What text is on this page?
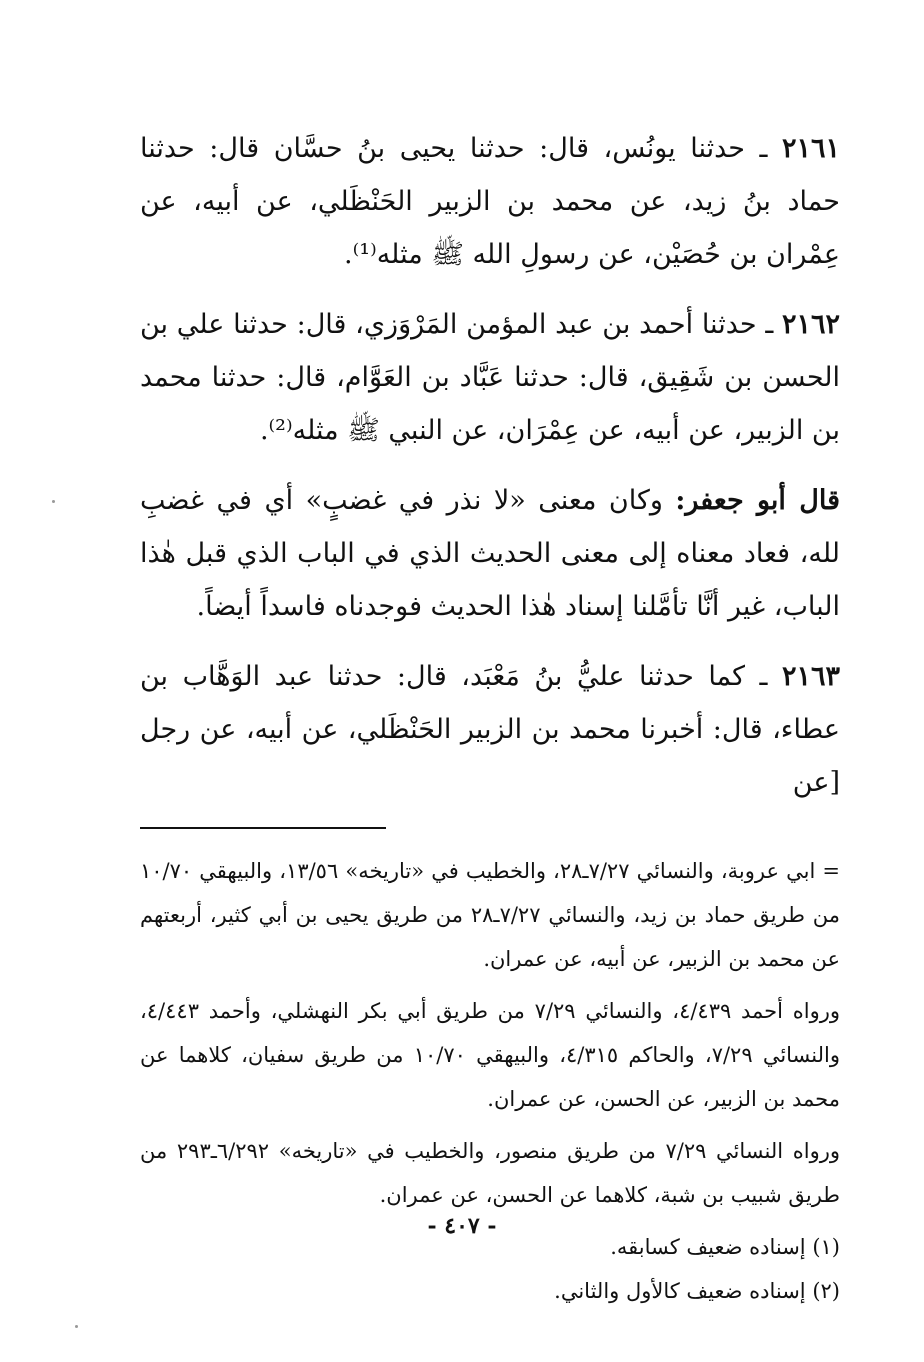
٢١٦١ ـ حدثنا يونُس، قال: حدثنا يحيى بنُ حسَّان قال: حدثنا حماد بنُ زيد، عن محمد بن الزبير الحَنْظَلي، عن أبيه، عن عِمْران بن حُصَيْن، عن رسولِ الله ﷺ مثله⁽¹⁾.

٢١٦٢ ـ حدثنا أحمد بن عبد المؤمن المَرْوَزي، قال: حدثنا علي بن الحسن بن شَقِيق، قال: حدثنا عَبَّاد بن العَوَّام، قال: حدثنا محمد بن الزبير، عن أبيه، عن عِمْرَان، عن النبي ﷺ مثله⁽²⁾.

قال أبو جعفر: وكان معنى «لا نذر في غضبٍ» أي في غضبِ لله، فعاد معناه إلى معنى الحديث الذي في الباب الذي قبل هٰذا الباب، غير أنَّا تأمَّلنا إسناد هٰذا الحديث فوجدناه فاسداً أيضاً.

٢١٦٣ ـ كما حدثنا عليُّ بنُ مَعْبَد، قال: حدثنا عبد الوَهَّاب بن عطاء، قال: أخبرنا محمد بن الزبير الحَنْظَلي، عن أبيه، عن رجل [عن

= ابي عروبة، والنسائي ٧/٢٧ـ٢٨، والخطيب في «تاريخه» ١٣/٥٦، والبيهقي ١٠/٧٠ من طريق حماد بن زيد، والنسائي ٧/٢٧ـ٢٨ من طريق يحيى بن أبي كثير، أربعتهم عن محمد بن الزبير، عن أبيه، عن عمران.

ورواه أحمد ٤/٤٣٩، والنسائي ٧/٢٩ من طريق أبي بكر النهشلي، وأحمد ٤/٤٤٣، والنسائي ٧/٢٩، والحاكم ٤/٣١٥، والبيهقي ١٠/٧٠ من طريق سفيان، كلاهما عن محمد بن الزبير، عن الحسن، عن عمران.

ورواه النسائي ٧/٢٩ من طريق منصور، والخطيب في «تاريخه» ٦/٢٩٢ـ٢٩٣ من طريق شبيب بن شبة، كلاهما عن الحسن، عن عمران.

(١) إسناده ضعيف كسابقه.

(٢) إسناده ضعيف كالأول والثاني.

- ٤٠٧ -
